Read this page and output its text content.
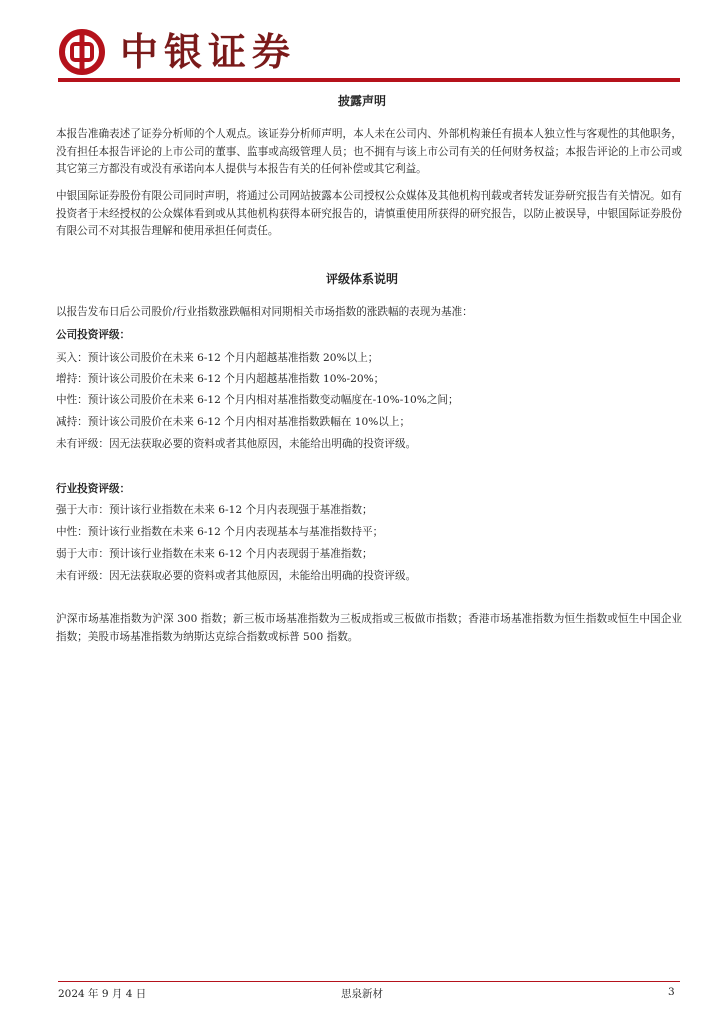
中银证券
披露声明
本报告准确表述了证券分析师的个人观点。该证券分析师声明，本人未在公司内、外部机构兼任有损本人独立性与客观性的其他职务，没有担任本报告评论的上市公司的董事、监事或高级管理人员；也不拥有与该上市公司有关的任何财务权益；本报告评论的上市公司或其它第三方都没有或没有承诺向本人提供与本报告有关的任何补偿或其它利益。
中银国际证券股份有限公司同时声明，将通过公司网站披露本公司授权公众媒体及其他机构刊载或者转发证券研究报告有关情况。如有投资者于未经授权的公众媒体看到或从其他机构获得本研究报告的，请慎重使用所获得的研究报告，以防止被误导，中银国际证券股份有限公司不对其报告理解和使用承担任何责任。
评级体系说明
以报告发布日后公司股价/行业指数涨跌幅相对同期相关市场指数的涨跌幅的表现为基准：
公司投资评级：
买入：预计该公司股价在未来 6-12 个月内超越基准指数 20%以上；
增持：预计该公司股价在未来 6-12 个月内超越基准指数 10%-20%；
中性：预计该公司股价在未来 6-12 个月内相对基准指数变动幅度在-10%-10%之间；
减持：预计该公司股价在未来 6-12 个月内相对基准指数跌幅在 10%以上；
未有评级：因无法获取必要的资料或者其他原因，未能给出明确的投资评级。
行业投资评级：
强于大市：预计该行业指数在未来 6-12 个月内表现强于基准指数；
中性：预计该行业指数在未来 6-12 个月内表现基本与基准指数持平；
弱于大市：预计该行业指数在未来 6-12 个月内表现弱于基准指数；
未有评级：因无法获取必要的资料或者其他原因，未能给出明确的投资评级。
沪深市场基准指数为沪深 300 指数；新三板市场基准指数为三板成指或三板做市指数；香港市场基准指数为恒生指数或恒生中国企业指数；美股市场基准指数为纳斯达克综合指数或标普 500 指数。
2024 年 9 月 4 日	思泉新材	3
